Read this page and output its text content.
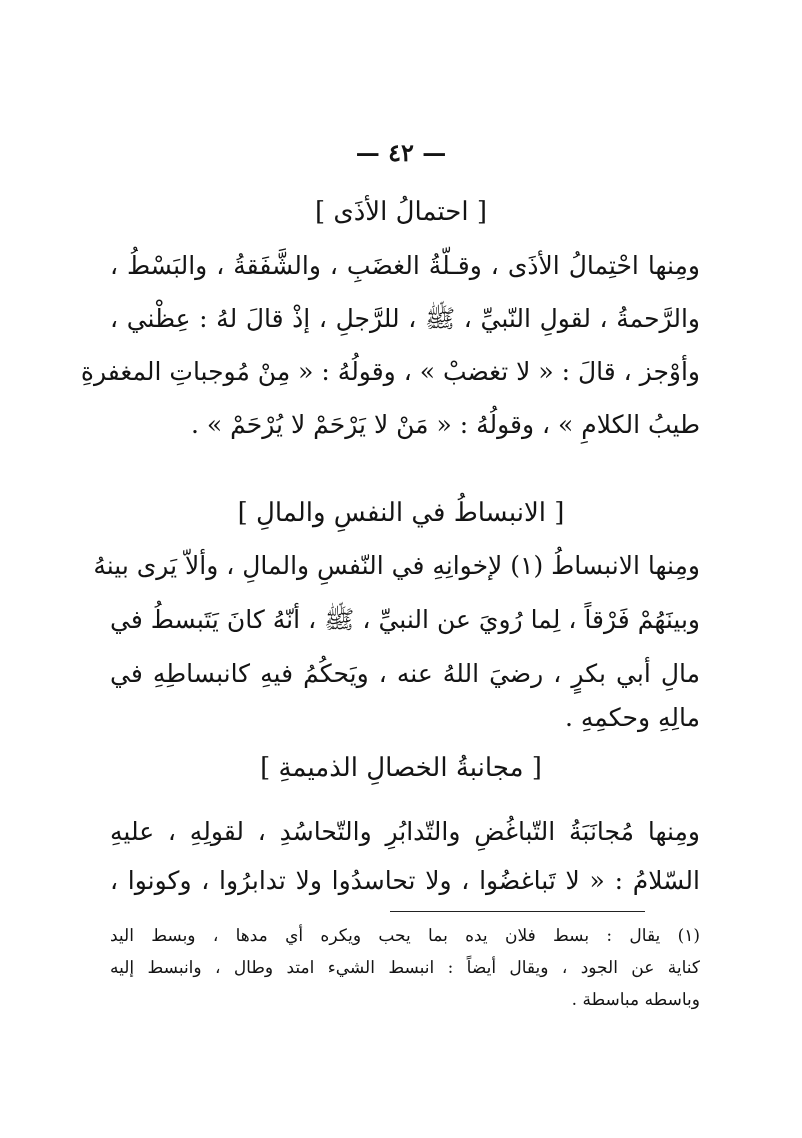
— ٤٢ —
[ احتمالُ الأذَى ]
ومِنها احْتِمالُ الأذَى ، وقـلّةُ الغضَبِ ، والشَّفَقةُ ، والبَسْطُ ،
والرَّحمةُ ، لقولِ النّبيِّ ، ﷺ ، للرَّجلِ ، إذْ قالَ لهُ : عِظْني ،
وأوْجز ، قالَ : « لا تغضبْ » ، وقولُهُ : « مِنْ مُوجباتِ المغفرةِ
طيبُ الكلامِ » ، وقولُهُ : « مَنْ لا يَرْحَمْ لا يُرْحَمْ » .
[ الانبساطُ في النفسِ والمالِ ]
ومِنها الانبساطُ (١) لإخوانِهِ في النّفسِ والمالِ ، وألاّ يَرى بينهُ
وبينَهُمْ فَرْقاً ، لِما رُويَ عن النبيِّ ، ﷺ ، أنّهُ كانَ يَتَبسطُ في
مالِ أبي بكرٍ ، رضيَ اللهُ عنه ، ويَحكُمُ فيهِ كانبساطِهِ في
مالِهِ وحكمِهِ .
[ مجانبةُ الخصالِ الذميمةِ ]
ومِنها مُجانَبَةُ التّباغُضِ والتّدابُرِ والتّحاسُدِ ، لقولِهِ ، عليهِ
السّلامُ : « لا تَباغضُوا ، ولا تحاسدُوا ولا تدابرُوا ، وكونوا ،
(١) يقال : بسط فلان يده بما يحب ويكره أي مدها ، وبسط اليد
كناية عن الجود ، ويقال أيضاً : انبسط الشيء امتد وطال ، وانبسط إليه
وباسطه مباسطة .
